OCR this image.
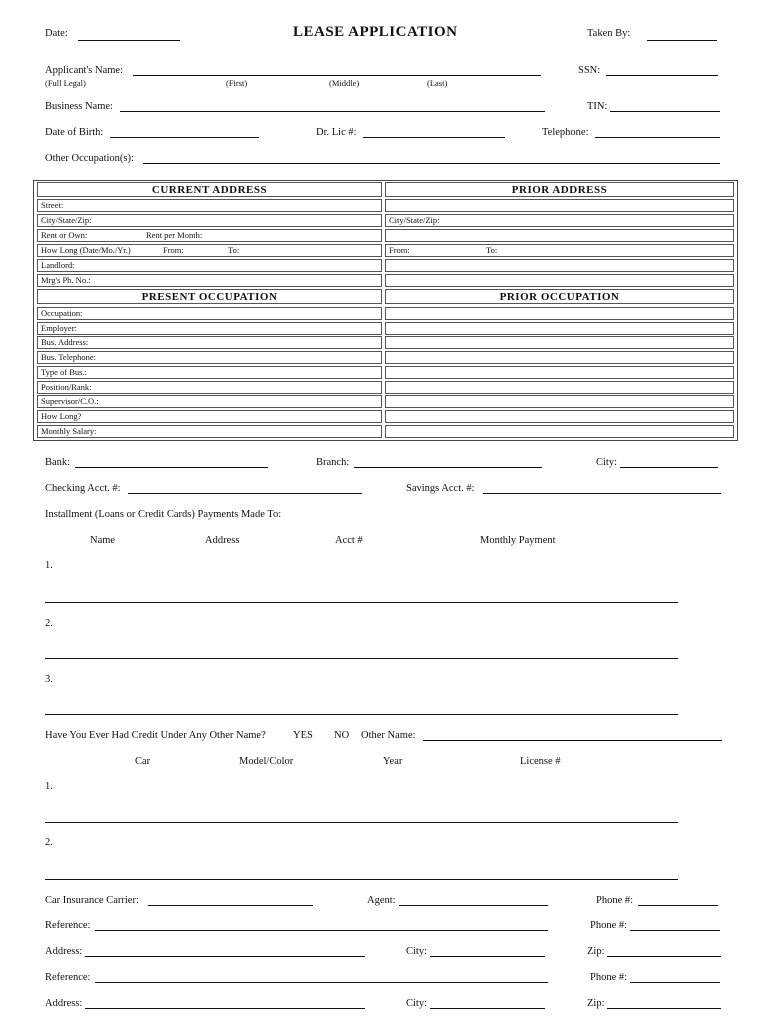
Date:	LEASE APPLICATION	Taken By:
Applicant's Name:
(Full Legal)	(First)	(Middle)	(Last)
SSN:
Business Name:	TIN:
Date of Birth:	Dr. Lic #:	Telephone:
Other Occupation(s):
CURRENT ADDRESS	PRIOR ADDRESS
Street:
City/State/Zip:	City/State/Zip:
Rent or Own:	Rent per Month:
How Long (Date/Mo./Yr.)	From:	To:	From:	To:
Landlord:
Mrg's Ph. No.:
PRESENT OCCUPATION	PRIOR OCCUPATION
Occupation:
Employer:
Bus. Address:
Bus. Telephone:
Type of Bus.:
Position/Rank:
Supervisor/C.O.:
How Long?
Monthly Salary:
Bank:	Branch:	City:
Checking Acct. #:	Savings Acct. #:
Installment (Loans or Credit Cards) Payments Made To:
Name	Address	Acct #	Monthly Payment
1.
2.
3.
Have You Ever Had Credit Under Any Other Name?	YES NO Other Name:
Car	Model/Color	Year	License #
1.
2.
Car Insurance Carrier:	Agent:	Phone #:
Reference:	Phone #:
Address:	City:	Zip:
Reference:	Phone #:
Address:	City:	Zip:
